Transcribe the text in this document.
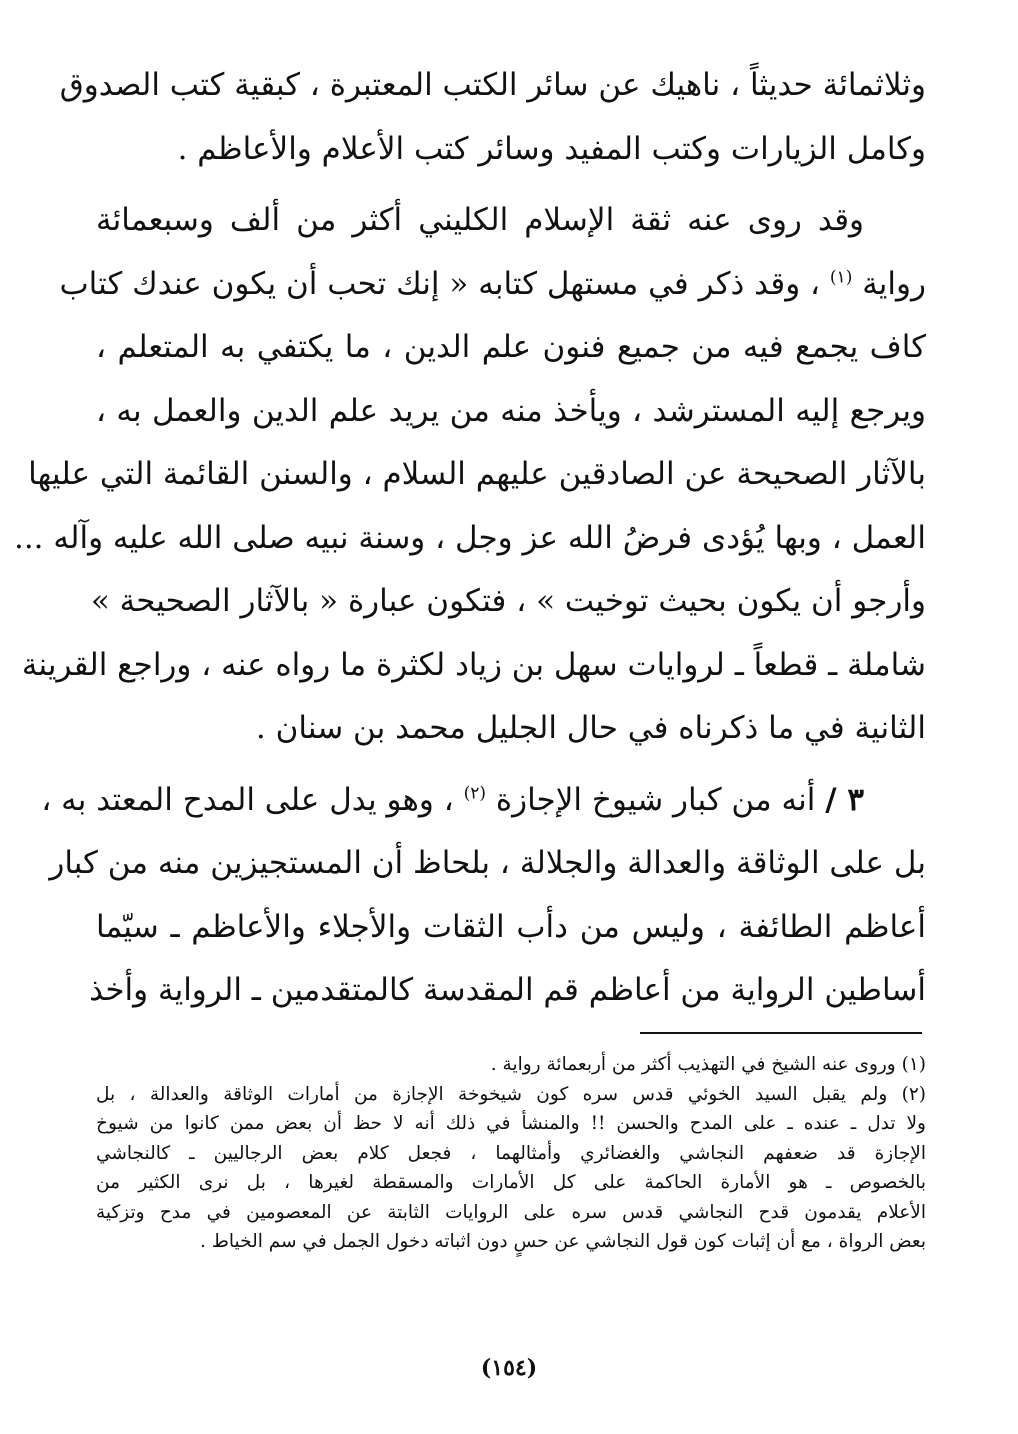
وثلاثمائة حديثاً ، ناهيك عن سائر الكتب المعتبرة ، كبقية كتب الصدوق
وكامل الزيارات وكتب المفيد وسائر كتب الأعلام والأعاظم .
وقد روى عنه ثقة الإسلام الكليني أكثر من ألف وسبعمائة
رواية $^{(١)}$ ، وقد ذكر في مستهل كتابه « إنك تحب أن يكون عندك كتاب
كاف يجمع فيه من جميع فنون علم الدين ، ما يكتفي به المتعلم ،
ويرجع إليه المسترشد ، ويأخذ منه من يريد علم الدين والعمل به ،
بالآثار الصحيحة عن الصادقين عليهم السلام ، والسنن القائمة التي عليها
العمل ، وبها يُؤدى فرضُ الله عز وجل ، وسنة نبيه صلى الله عليه وآله ...
وأرجو أن يكون بحيث توخيت » ، فتكون عبارة « بالآثار الصحيحة »
شاملة ـ قطعاً ـ لروايات سهل بن زياد لكثرة ما رواه عنه ، وراجع القرينة
الثانية في ما ذكرناه في حال الجليل محمد بن سنان .
٣ / أنه من كبار شيوخ الإجازة $^{(٢)}$ ، وهو يدل على المدح المعتد به ،
بل على الوثاقة والعدالة والجلالة ، بلحاظ أن المستجيزين منه من كبار
أعاظم الطائفة ، وليس من دأب الثقات والأجلاء والأعاظم ـ سيّما
أساطين الرواية من أعاظم قم المقدسة كالمتقدمين ـ الرواية وأخذ
(١) وروى عنه الشيخ في التهذيب أكثر من أربعمائة رواية .
(٢) ولم يقبل السيد الخوئي قدس سره كون شيخوخة الإجازة من أمارات الوثاقة والعدالة ، بل
ولا تدل ـ عنده ـ على المدح والحسن !! والمنشأ في ذلك أنه لا حظ أن بعض ممن كانوا من شيوخ
الإجازة قد ضعفهم النجاشي والغضائري وأمثالهما ، فجعل كلام بعض الرجاليين ـ كالنجاشي
بالخصوص ـ هو الأمارة الحاكمة على كل الأمارات والمسقطة لغيرها ، بل نرى الكثير من
الأعلام يقدمون قدح النجاشي قدس سره على الروايات الثابتة عن المعصومين في مدح وتزكية
بعض الرواة ، مع أن إثبات كون قول النجاشي عن حسٍ دون اثباته دخول الجمل في سم الخياط .
(١٥٤)
